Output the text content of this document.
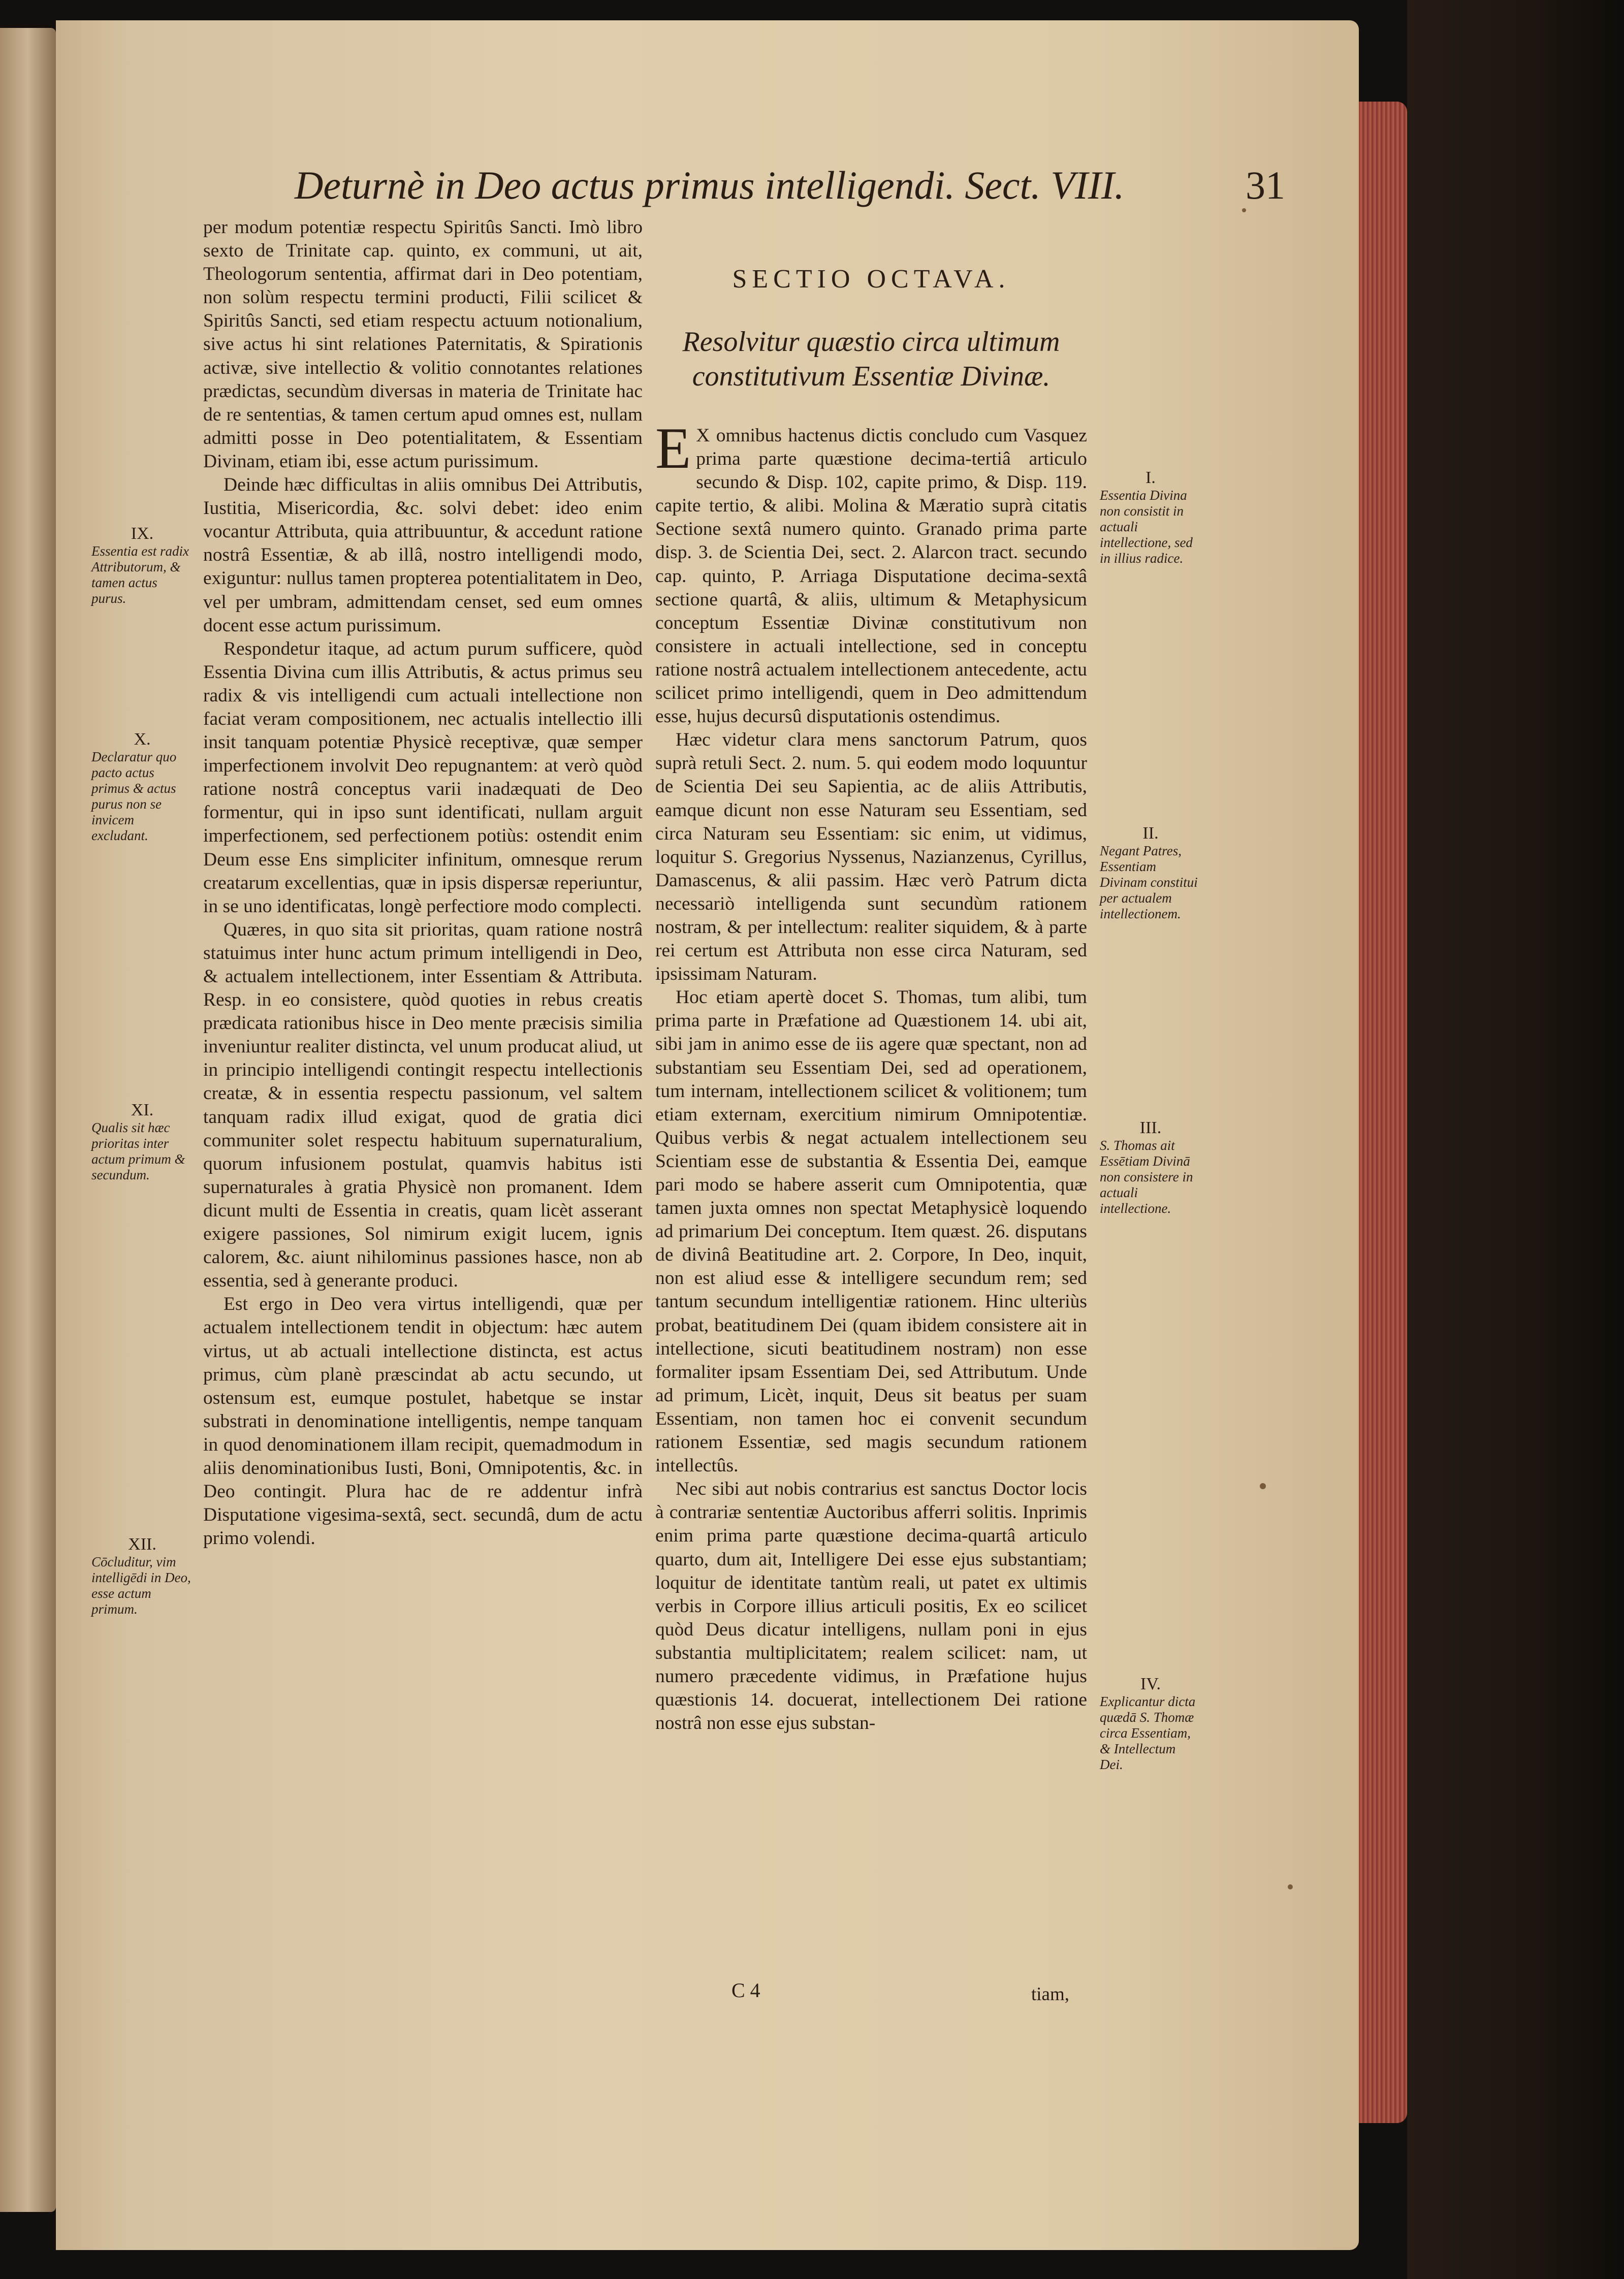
Deturnè in Deo actus primus intelligendi. Sect. VIII.	31

per modum potentiæ respectu Spiritûs Sancti. Imò libro sexto de Trinitate cap. quinto, ex communi, ut ait, Theologorum sententia, affirmat dari in Deo potentiam, non solùm respectu termini producti, Filii scilicet & Spiritûs Sancti, sed etiam respectu actuum notionalium, sive actus hi sint relationes Paternitatis, & Spirationis activæ, sive intellectio & volitio connotantes relationes prædictas, secundùm diversas in materia de Trinitate hac de re sententias, & tamen certum apud omnes est, nullam admitti posse in Deo potentialitatem, & Essentiam Divinam, etiam ibi, esse actum purissimum.

Deinde hæc difficultas in aliis omnibus Dei Attributis, Iustitia, Misericordia, &c. solvi debet: ideo enim vocantur Attributa, quia attribuuntur, & accedunt ratione nostrâ Essentiæ, & ab illâ, nostro intelligendi modo, exiguntur: nullus tamen propterea potentialitatem in Deo, vel per umbram, admittendam censet, sed eum omnes docent esse actum purissimum.

Respondetur itaque, ad actum purum sufficere, quòd Essentia Divina cum illis Attributis, & actus primus seu radix & vis intelligendi cum actuali intellectione non faciat veram compositionem, nec actualis intellectio illi insit tanquam potentiæ Physicè receptivæ, quæ semper imperfectionem involvit Deo repugnantem: at verò quòd ratione nostrâ conceptus varii inadæquati de Deo formentur, qui in ipso sunt identificati, nullam arguit imperfectionem, sed perfectionem potiùs: ostendit enim Deum esse Ens simpliciter infinitum, omnesque rerum creatarum excellentias, quæ in ipsis dispersæ reperiuntur, in se uno identificatas, longè perfectiore modo complecti.

Quæres, in quo sita sit prioritas, quam ratione nostrâ statuimus inter hunc actum primum intelligendi in Deo, & actualem intellectionem, inter Essentiam & Attributa. Resp. in eo consistere, quòd quoties in rebus creatis prædicata rationibus hisce in Deo mente præcisis similia inveniuntur realiter distincta, vel unum producat aliud, ut in principio intelligendi contingit respectu intellectionis creatæ, & in essentia respectu passionum, vel saltem tanquam radix illud exigat, quod de gratia dici communiter solet respectu habituum supernaturalium, quorum infusionem postulat, quamvis habitus isti supernaturales à gratia Physicè non promanent. Idem dicunt multi de Essentia in creatis, quam licèt asserant exigere passiones, Sol nimirum exigit lucem, ignis calorem, &c. aiunt nihilominus passiones hasce, non ab essentia, sed à generante produci.

Est ergo in Deo vera virtus intelligendi, quæ per actualem intellectionem tendit in objectum: hæc autem virtus, ut ab actuali intellectione distincta, est actus primus, cùm planè præscindat ab actu secundo, ut ostensum est, eumque postulet, habetque se instar substrati in denominatione intelligentis, nempe tanquam in quod denominationem illam recipit, quemadmodum in aliis denominationibus Iusti, Boni, Omnipotentis, &c. in Deo contingit. Plura hac de re addentur infrà Disputatione vigesima-sextâ, sect. secundâ, dum de actu primo volendi.

IX.
Essentia est radix Attributorum, & tamen actus purus.
X.
Declaratur quo pacto actus primus & actus purus non se invicem excludant.
XI.
Qualis sit hæc prioritas inter actum primum & secundum.
XII.
Cōcluditur, vim intelligēdi in Deo, esse actum primum.
SECTIO OCTAVA.
Resolvitur quæstio circa ultimum constitutivum Essentiæ Divinæ.

E X omnibus hactenus dictis concludo cum Vasquez prima parte quæstione decima-tertiâ articulo secundo & Disp. 102, capite primo, & Disp. 119. capite tertio, & alibi. Molina & Mæratio suprà citatis Sectione sextâ numero quinto. Granado prima parte disp. 3. de Scientia Dei, sect. 2. Alarcon tract. secundo cap. quinto, P. Arriaga Disputatione decima-sextâ sectione quartâ, & aliis, ultimum & Metaphysicum conceptum Essentiæ Divinæ constitutivum non consistere in actuali intellectione, sed in conceptu ratione nostrâ actualem intellectionem antecedente, actu scilicet primo intelligendi, quem in Deo admittendum esse, hujus decursû disputationis ostendimus.

Hæc videtur clara mens sanctorum Patrum, quos suprà retuli Sect. 2. num. 5. qui eodem modo loquuntur de Scientia Dei seu Sapientia, ac de aliis Attributis, eamque dicunt non esse Naturam seu Essentiam, sed circa Naturam seu Essentiam: sic enim, ut vidimus, loquitur S. Gregorius Nyssenus, Nazianzenus, Cyrillus, Damascenus, & alii passim. Hæc verò Patrum dicta necessariò intelligenda sunt secundùm rationem nostram, & per intellectum: realiter siquidem, & à parte rei certum est Attributa non esse circa Naturam, sed ipsissimam Naturam.

Hoc etiam apertè docet S. Thomas, tum alibi, tum prima parte in Præfatione ad Quæstionem 14. ubi ait, sibi jam in animo esse de iis agere quæ spectant, non ad substantiam seu Essentiam Dei, sed ad operationem, tum internam, intellectionem scilicet & volitionem; tum etiam externam, exercitium nimirum Omnipotentiæ. Quibus verbis & negat actualem intellectionem seu Scientiam esse de substantia & Essentia Dei, eamque pari modo se habere asserit cum Omnipotentia, quæ tamen juxta omnes non spectat Metaphysicè loquendo ad primarium Dei conceptum. Item quæst. 26. disputans de divinâ Beatitudine art. 2. Corpore, In Deo, inquit, non est aliud esse & intelligere secundum rem; sed tantum secundum intelligentiæ rationem. Hinc ulteriùs probat, beatitudinem Dei (quam ibidem consistere ait in intellectione, sicuti beatitudinem nostram) non esse formaliter ipsam Essentiam Dei, sed Attributum. Unde ad primum, Licèt, inquit, Deus sit beatus per suam Essentiam, non tamen hoc ei convenit secundum rationem Essentiæ, sed magis secundum rationem intellectûs.

Nec sibi aut nobis contrarius est sanctus Doctor locis à contrariæ sententiæ Auctoribus afferri solitis. Inprimis enim prima parte quæstione decima-quartâ articulo quarto, dum ait, Intelligere Dei esse ejus substantiam; loquitur de identitate tantùm reali, ut patet ex ultimis verbis in Corpore illius articuli positis, Ex eo scilicet quòd Deus dicatur intelligens, nullam poni in ejus substantia multiplicitatem; realem scilicet: nam, ut numero præcedente vidimus, in Præfatione hujus quæstionis 14. docuerat, intellectionem Dei ratione nostrâ non esse ejus substan-

I.
Essentia Divina non consistit in actuali intellectione, sed in illius radice.
II.
Negant Patres, Essentiam Divinam constitui per actualem intellectionem.
III.
S. Thomas ait Essētiam Divinā non consistere in actuali intellectione.
IV.
Explicantur dicta quædā S. Thomæ circa Essentiam, & Intellectum Dei.
C 4	tiam,
